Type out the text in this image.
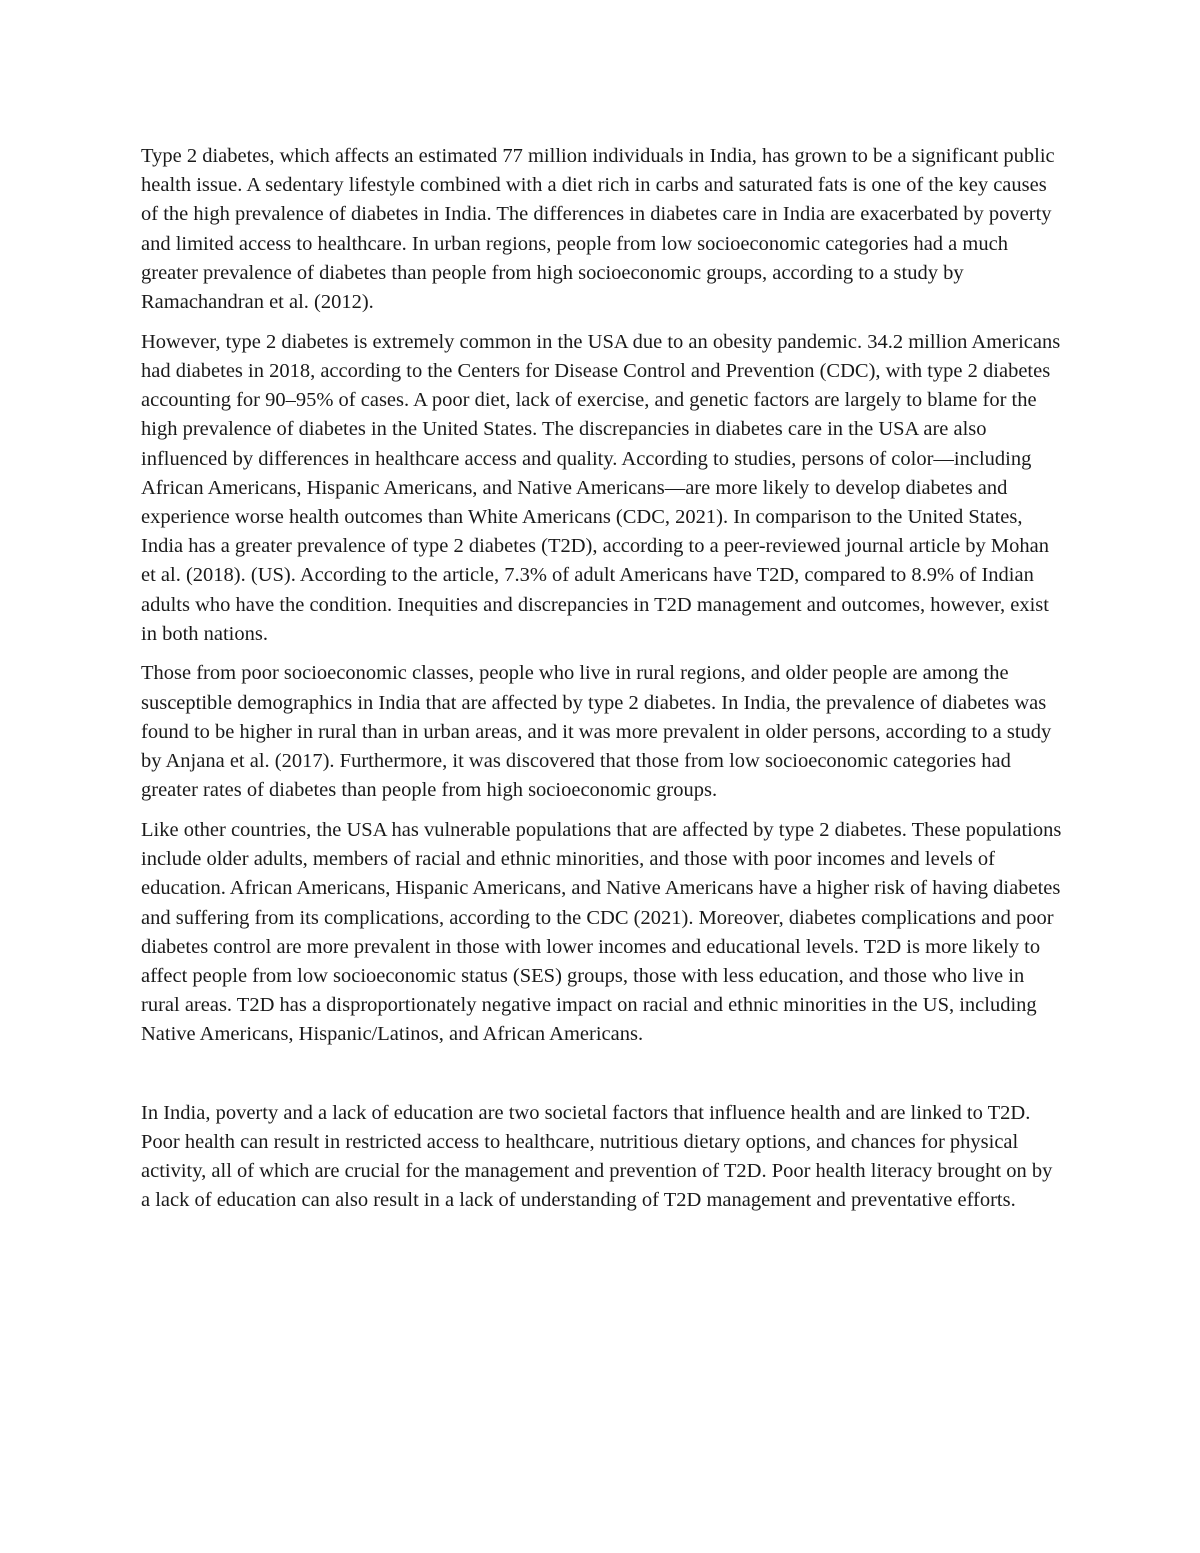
Type 2 diabetes, which affects an estimated 77 million individuals in India, has grown to be a significant public health issue. A sedentary lifestyle combined with a diet rich in carbs and saturated fats is one of the key causes of the high prevalence of diabetes in India. The differences in diabetes care in India are exacerbated by poverty and limited access to healthcare. In urban regions, people from low socioeconomic categories had a much greater prevalence of diabetes than people from high socioeconomic groups, according to a study by Ramachandran et al. (2012).

However, type 2 diabetes is extremely common in the USA due to an obesity pandemic. 34.2 million Americans had diabetes in 2018, according to the Centers for Disease Control and Prevention (CDC), with type 2 diabetes accounting for 90–95% of cases. A poor diet, lack of exercise, and genetic factors are largely to blame for the high prevalence of diabetes in the United States. The discrepancies in diabetes care in the USA are also influenced by differences in healthcare access and quality. According to studies, persons of color—including African Americans, Hispanic Americans, and Native Americans—are more likely to develop diabetes and experience worse health outcomes than White Americans (CDC, 2021). In comparison to the United States, India has a greater prevalence of type 2 diabetes (T2D), according to a peer-reviewed journal article by Mohan et al. (2018). (US). According to the article, 7.3% of adult Americans have T2D, compared to 8.9% of Indian adults who have the condition. Inequities and discrepancies in T2D management and outcomes, however, exist in both nations.

Those from poor socioeconomic classes, people who live in rural regions, and older people are among the susceptible demographics in India that are affected by type 2 diabetes. In India, the prevalence of diabetes was found to be higher in rural than in urban areas, and it was more prevalent in older persons, according to a study by Anjana et al. (2017). Furthermore, it was discovered that those from low socioeconomic categories had greater rates of diabetes than people from high socioeconomic groups.

Like other countries, the USA has vulnerable populations that are affected by type 2 diabetes. These populations include older adults, members of racial and ethnic minorities, and those with poor incomes and levels of education. African Americans, Hispanic Americans, and Native Americans have a higher risk of having diabetes and suffering from its complications, according to the CDC (2021). Moreover, diabetes complications and poor diabetes control are more prevalent in those with lower incomes and educational levels. T2D is more likely to affect people from low socioeconomic status (SES) groups, those with less education, and those who live in rural areas. T2D has a disproportionately negative impact on racial and ethnic minorities in the US, including Native Americans, Hispanic/Latinos, and African Americans.

In India, poverty and a lack of education are two societal factors that influence health and are linked to T2D. Poor health can result in restricted access to healthcare, nutritious dietary options, and chances for physical activity, all of which are crucial for the management and prevention of T2D. Poor health literacy brought on by a lack of education can also result in a lack of understanding of T2D management and preventative efforts.
